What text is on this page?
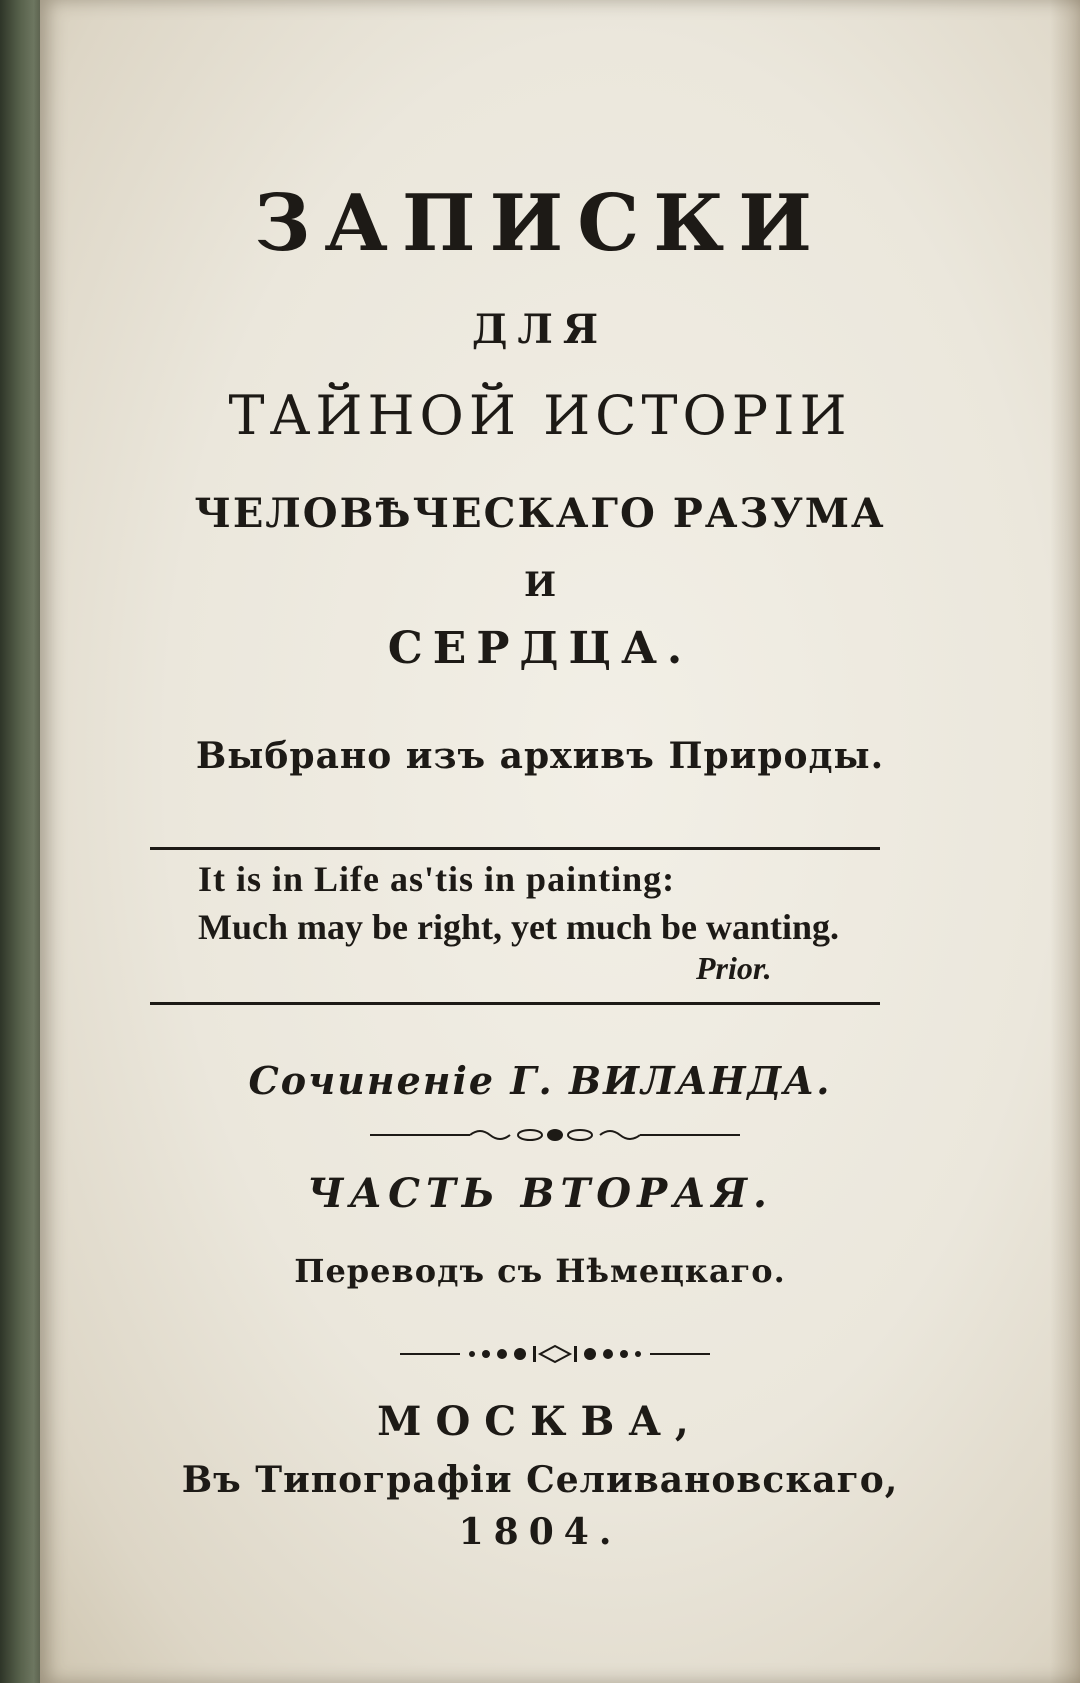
ЗАПИСКИ
ДЛЯ
ТАЙНОЙ ИСТОРІИ
ЧЕЛОВѢЧЕСКАГО РАЗУМА
И
СЕРДЦА.
Выбрано изъ архивъ Природы.
It is in Life as'tis in painting:
Much may be right, yet much be wanting.
Prior.
Сочиненіе Г. ВИЛАНДА.
ЧАСТЬ ВТОРАЯ.
Переводъ съ Нѣмецкаго.
МОСКВА,
Въ Типографіи Селивановскаго,
1804.
